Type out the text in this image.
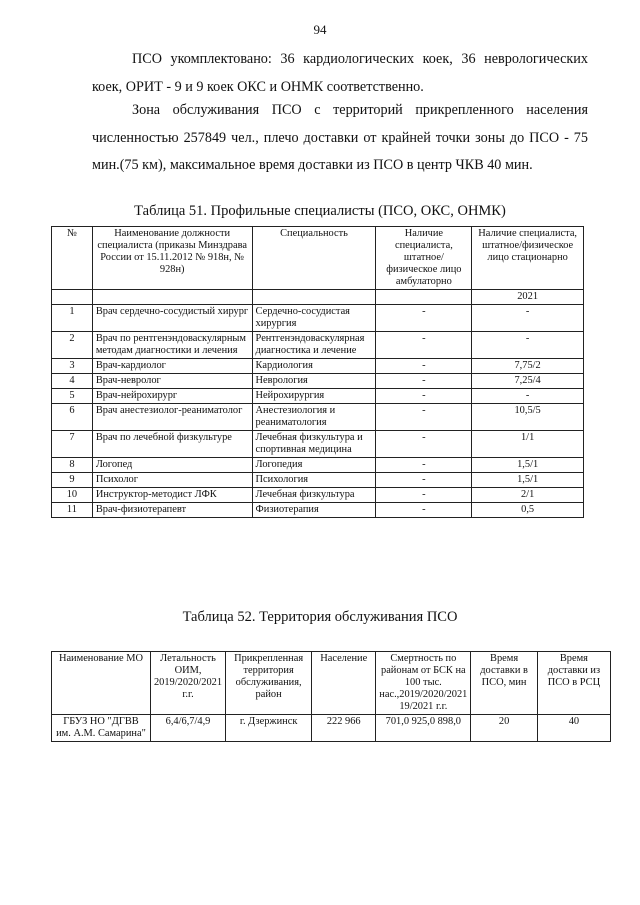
94

ПСО укомплектовано: 36 кардиологических коек, 36 неврологических коек, ОРИТ - 9 и 9 коек ОКС и ОНМК соответственно.

Зона обслуживания ПСО с территорий прикрепленного населения численностью 257849 чел., плечо доставки от крайней точки зоны до ПСО - 75 мин.(75 км), максимальное время доставки из ПСО в центр ЧКВ 40 мин.

Таблица 51. Профильные специалисты (ПСО, ОКС, ОНМК)
№	Наименование должности специалиста (приказы Минздрава России от 15.11.2012 № 918н, № 928н)	Специальность	Наличие специалиста, штатное/физическое лицо амбулаторно	Наличие специалиста, штатное/физическое лицо стационарно
				2021
1	Врач сердечно-сосудистый хирург	Сердечно-сосудистая хирургия	-	-
2	Врач по рентгенэндоваскулярным методам диагностики и лечения	Рентгенэндоваскулярная диагностика и лечение	-	-
3	Врач-кардиолог	Кардиология	-	7,75/2
4	Врач-невролог	Неврология	-	7,25/4
5	Врач-нейрохирург	Нейрохирургия	-	-
6	Врач анестезиолог-реаниматолог	Анестезиология и реаниматология	-	10,5/5
7	Врач по лечебной физкультуре	Лечебная физкультура и спортивная медицина	-	1/1
8	Логопед	Логопедия	-	1,5/1
9	Психолог	Психология	-	1,5/1
10	Инструктор-методист ЛФК	Лечебная физкультура	-	2/1
11	Врач-физиотерапевт	Физиотерапия	-	0,5
Таблица 52. Территория обслуживания ПСО
Наименование МО	Летальность ОИМ, 2019/2020/2021 г.г.	Прикрепленная территория обслуживания, район	Население	Смертность по районам от БСК на 100 тыс. нас.,2019/2020/2021 19/2021 г.г.	Время доставки в ПСО, мин	Время доставки из ПСО в РСЦ
ГБУЗ НО "ДГВВ им. А.М. Самарина"	6,4/6,7/4,9	г. Дзержинск	222 966	701,0 925,0 898,0	20	40
